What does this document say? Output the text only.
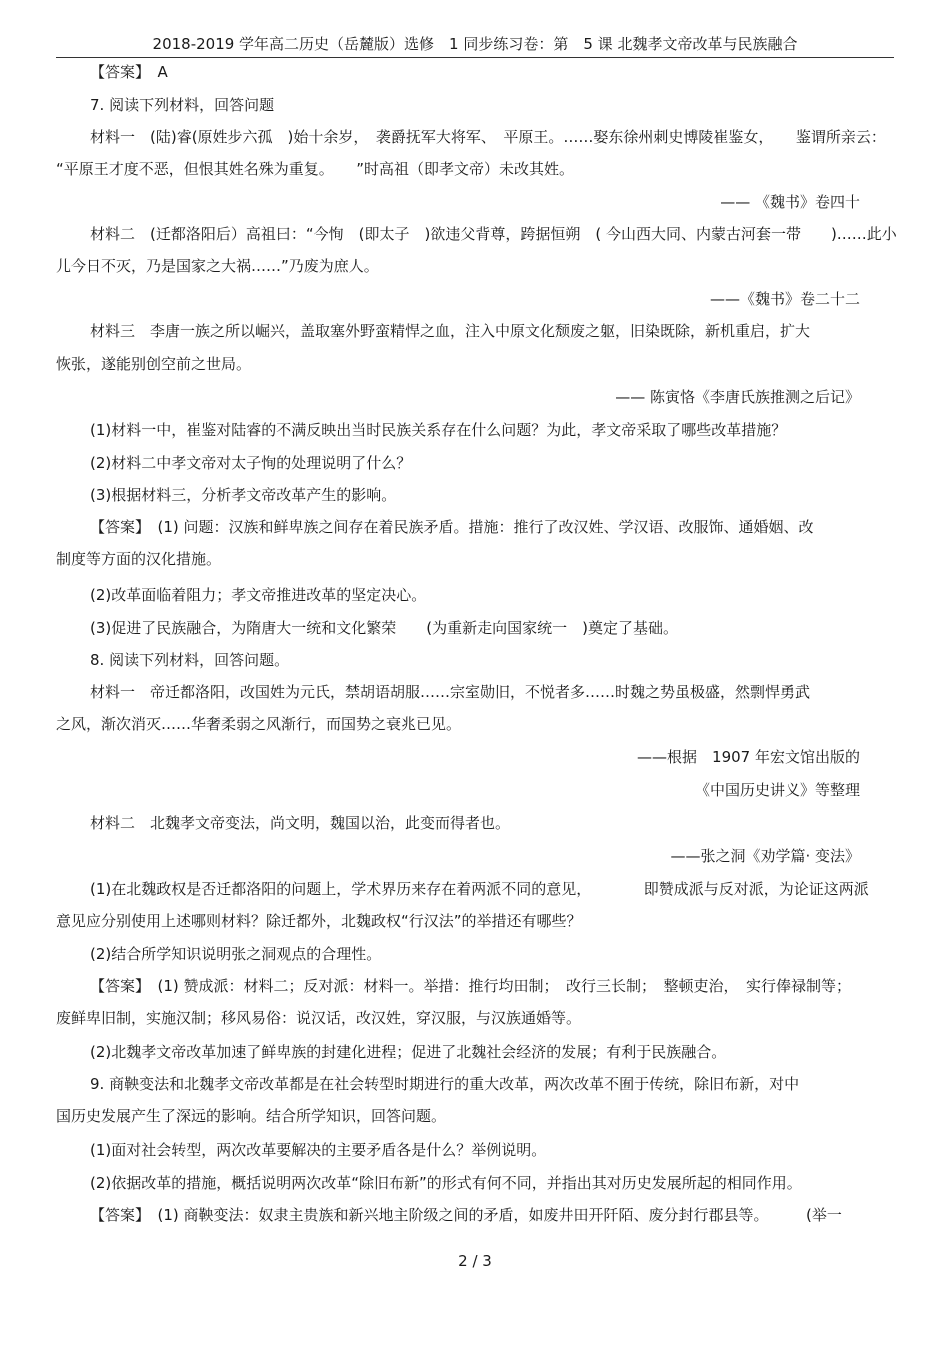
2018-2019 学年高二历史（岳麓版）选修　1 同步练习卷：第　5 课 北魏孝文帝改革与民族融合
【答案】　A
7. 阅读下列材料，回答问题
材料一　(陆)睿(原姓步六孤　)始十余岁，　袭爵抚军大将军、　平原王。……娶东徐州刺史博陵崔鉴女，　　鉴谓所亲云：
“平原王才度不恶，但恨其姓名殊为重复。　　”时高祖（即孝文帝）未改其姓。
—— 《魏书》卷四十
材料二　(迁都洛阳后）高祖曰：“今恂　(即太子　)欲违父背尊，跨据恒朔　( 今山西大同、内蒙古河套一带　　)……此小
儿今日不灭，乃是国家之大祸……”乃废为庶人。
——《魏书》卷二十二
材料三　李唐一族之所以崛兴，盖取塞外野蛮精悍之血，注入中原文化颓废之躯，旧染既除，新机重启，扩大
恢张，遂能别创空前之世局。
—— 陈寅恪《李唐氏族推测之后记》
(1)材料一中，崔鉴对陆睿的不满反映出当时民族关系存在什么问题？为此，孝文帝采取了哪些改革措施？
(2)材料二中孝文帝对太子恂的处理说明了什么？
(3)根据材料三，分析孝文帝改革产生的影响。
【答案】　(1) 问题：汉族和鲜卑族之间存在着民族矛盾。措施：推行了改汉姓、学汉语、改服饰、通婚姻、改
制度等方面的汉化措施。
(2)改革面临着阻力；孝文帝推进改革的坚定决心。
(3)促进了民族融合，为隋唐大一统和文化繁荣　　(为重新走向国家统一　)奠定了基础。
8. 阅读下列材料，回答问题。
材料一　帝迁都洛阳，改国姓为元氏，禁胡语胡服……宗室勋旧，不悦者多……时魏之势虽极盛，然剽悍勇武
之风，渐次消灭……华奢柔弱之风渐行，而国势之衰兆已见。
——根据　1907 年宏文馆出版的
《中国历史讲义》等整理
材料二　北魏孝文帝变法，尚文明，魏国以治，此变而得者也。
——张之洞《劝学篇· 变法》
(1)在北魏政权是否迁都洛阳的问题上，学术界历来存在着两派不同的意见，　　　　即赞成派与反对派，为论证这两派
意见应分别使用上述哪则材料？除迁都外，北魏政权“行汉法”的举措还有哪些？
(2)结合所学知识说明张之洞观点的合理性。
【答案】　(1) 赞成派：材料二；反对派：材料一。举措：推行均田制；　改行三长制；　整顿吏治，　实行俸禄制等；
废鲜卑旧制，实施汉制；移风易俗：说汉话，改汉姓，穿汉服，与汉族通婚等。
(2)北魏孝文帝改革加速了鲜卑族的封建化进程；促进了北魏社会经济的发展；有利于民族融合。
9. 商鞅变法和北魏孝文帝改革都是在社会转型时期进行的重大改革，两次改革不囿于传统，除旧布新，对中
国历史发展产生了深远的影响。结合所学知识，回答问题。
(1)面对社会转型，两次改革要解决的主要矛盾各是什么？举例说明。
(2)依据改革的措施，概括说明两次改革“除旧布新”的形式有何不同，并指出其对历史发展所起的相同作用。
【答案】　(1) 商鞅变法：奴隶主贵族和新兴地主阶级之间的矛盾，如废井田开阡陌、废分封行郡县等。　　　(举一
2 / 3
